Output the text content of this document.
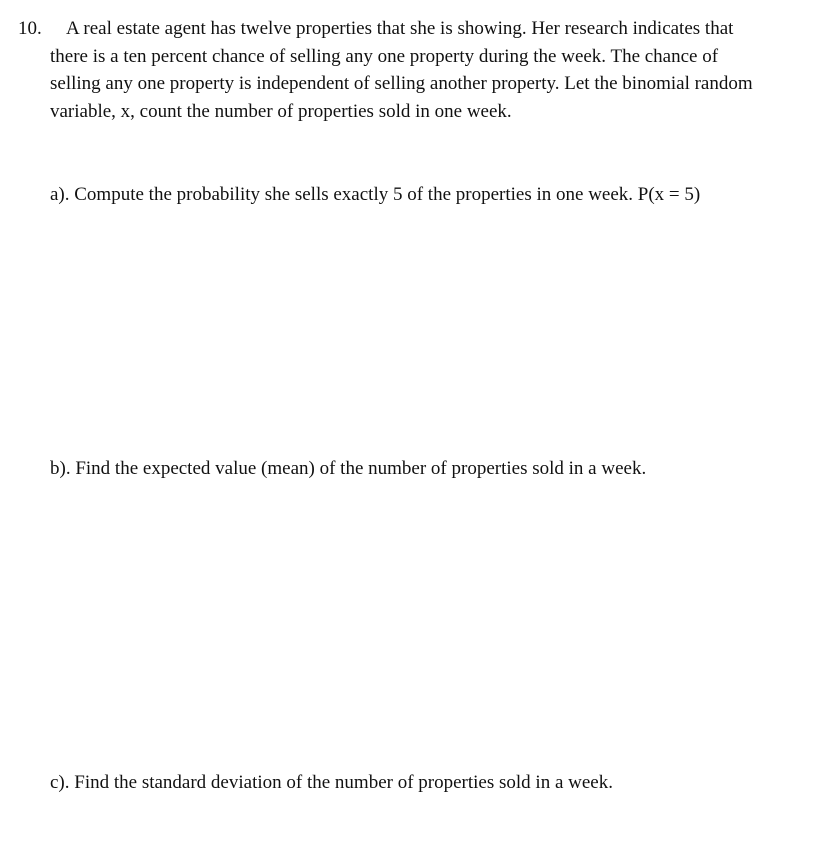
10. A real estate agent has twelve properties that she is showing. Her research indicates that
there is a ten percent chance of selling any one property during the week. The chance of
selling any one property is independent of selling another property. Let the binomial random
variable, x, count the number of properties sold in one week.
a). Compute the probability she sells exactly 5 of the properties in one week. P(x = 5)
b). Find the expected value (mean) of the number of properties sold in a week.
c). Find the standard deviation of the number of properties sold in a week.
